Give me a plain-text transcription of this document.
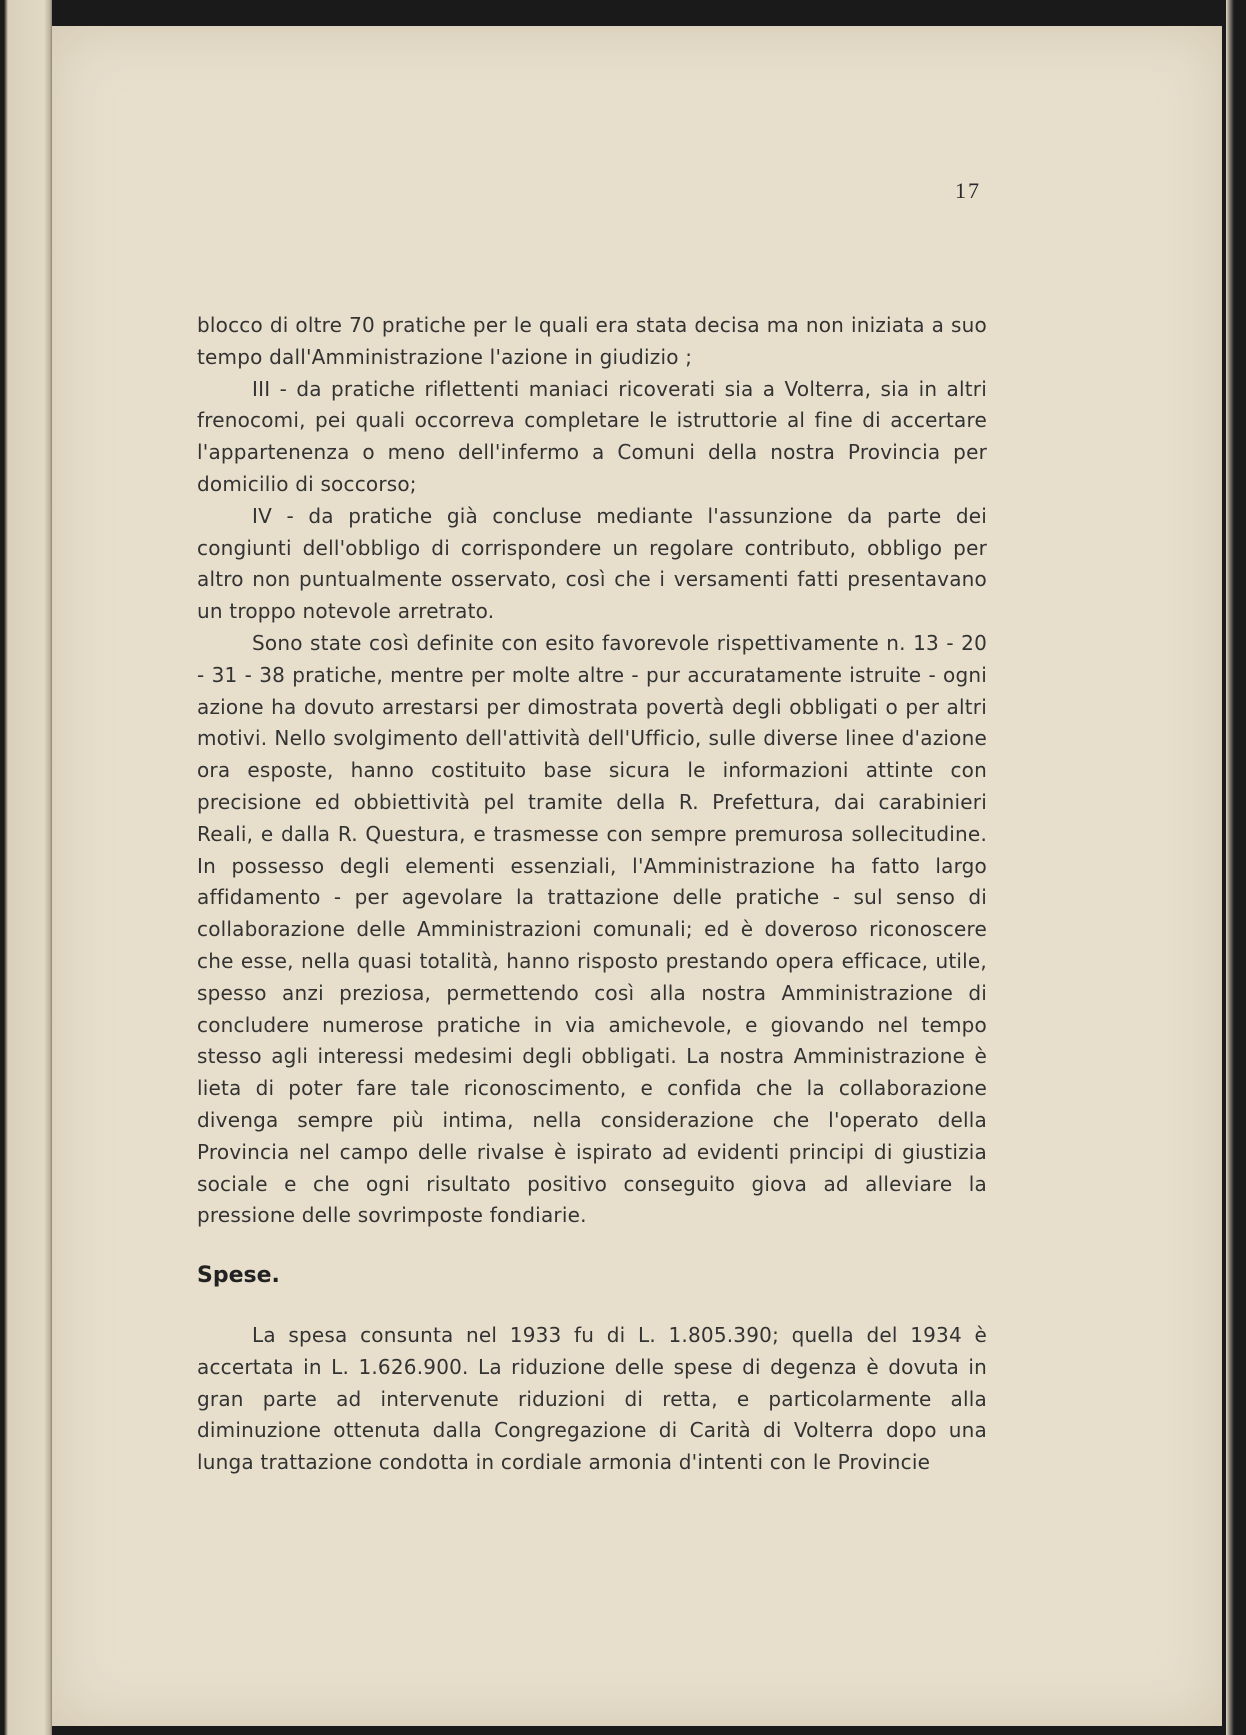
17

blocco di oltre 70 pratiche per le quali era stata decisa ma non iniziata a suo tempo dall'Amministrazione l'azione in giudizio ;

III - da pratiche riflettenti maniaci ricoverati sia a Volterra, sia in altri frenocomi, pei quali occorreva completare le istruttorie al fine di accertare l'appartenenza o meno dell'infermo a Comuni della nostra Provincia per domicilio di soccorso;

IV - da pratiche già concluse mediante l'assunzione da parte dei congiunti dell'obbligo di corrispondere un regolare contributo, obbligo per altro non puntualmente osservato, così che i versamenti fatti presentavano un troppo notevole arretrato.

Sono state così definite con esito favorevole rispettivamente n. 13 - 20 - 31 - 38 pratiche, mentre per molte altre - pur accuratamente istruite - ogni azione ha dovuto arrestarsi per dimostrata povertà degli obbligati o per altri motivi. Nello svolgimento dell'attività dell'Ufficio, sulle diverse linee d'azione ora esposte, hanno costituito base sicura le informazioni attinte con precisione ed obbiettività pel tramite della R. Prefettura, dai carabinieri Reali, e dalla R. Questura, e trasmesse con sempre premurosa sollecitudine. In possesso degli elementi essenziali, l'Amministrazione ha fatto largo affidamento - per agevolare la trattazione delle pratiche - sul senso di collaborazione delle Amministrazioni comunali; ed è doveroso riconoscere che esse, nella quasi totalità, hanno risposto prestando opera efficace, utile, spesso anzi preziosa, permettendo così alla nostra Amministrazione di concludere numerose pratiche in via amichevole, e giovando nel tempo stesso agli interessi medesimi degli obbligati. La nostra Amministrazione è lieta di poter fare tale riconoscimento, e confida che la collaborazione divenga sempre più intima, nella considerazione che l'operato della Provincia nel campo delle rivalse è ispirato ad evidenti principi di giustizia sociale e che ogni risultato positivo conseguito giova ad alleviare la pressione delle sovrimposte fondiarie.

Spese.

La spesa consunta nel 1933 fu di L. 1.805.390; quella del 1934 è accertata in L. 1.626.900. La riduzione delle spese di degenza è dovuta in gran parte ad intervenute riduzioni di retta, e particolarmente alla diminuzione ottenuta dalla Congregazione di Carità di Volterra dopo una lunga trattazione condotta in cordiale armonia d'intenti con le Provincie
